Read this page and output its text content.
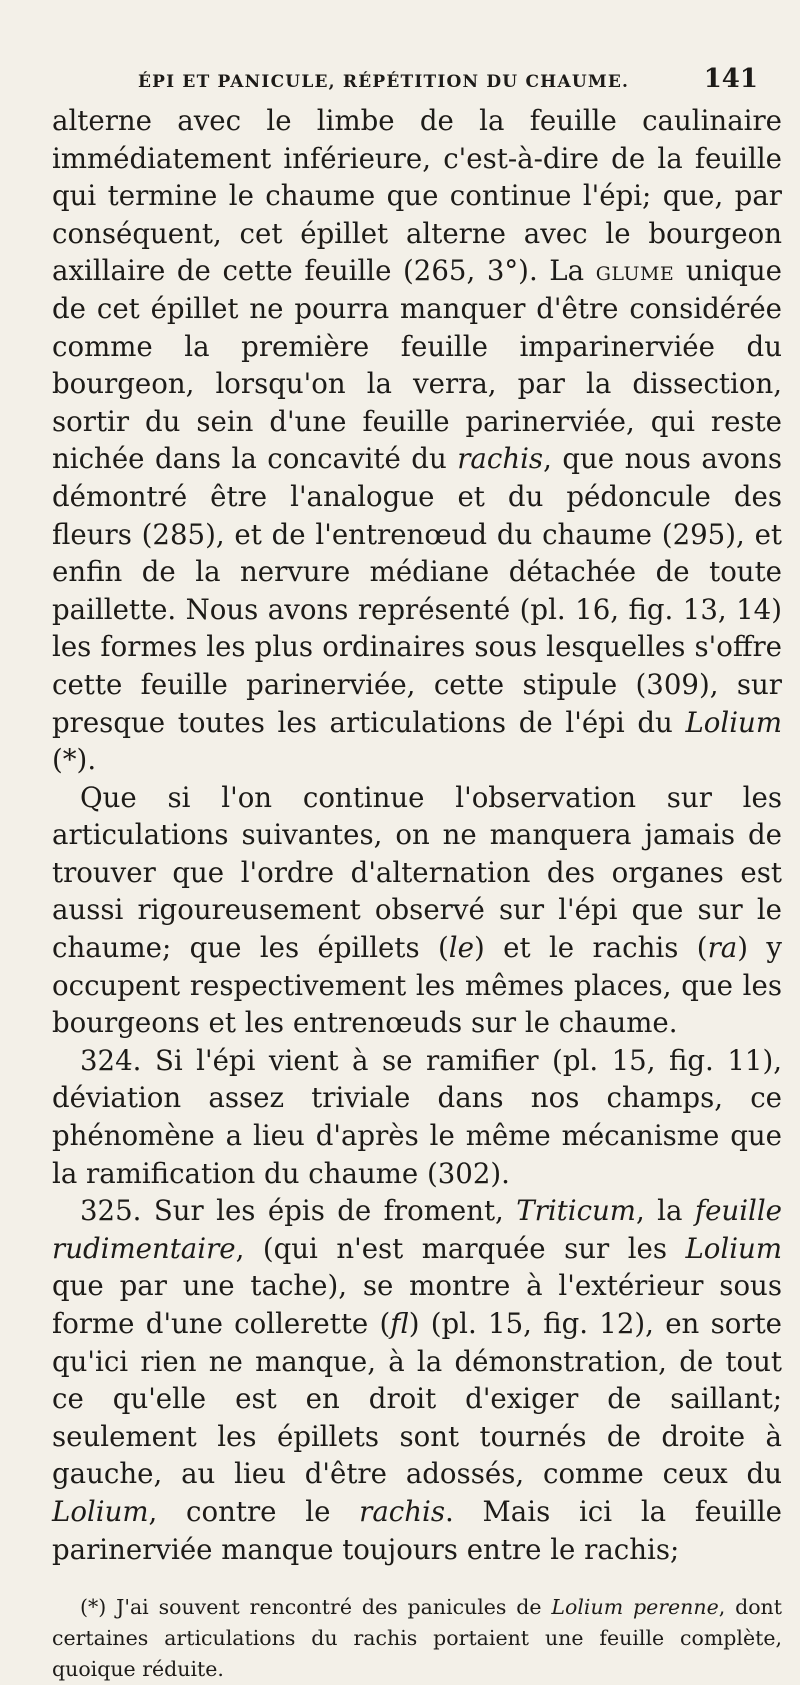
ÉPI ET PANICULE, RÉPÉTITION DU CHAUME.	141

alterne avec le limbe de la feuille caulinaire immédiatement inférieure, c'est-à-dire de la feuille qui termine le chaume que continue l'épi; que, par conséquent, cet épillet alterne avec le bourgeon axillaire de cette feuille (265, 3°). La glume unique de cet épillet ne pourra manquer d'être considérée comme la première feuille imparinerviée du bourgeon, lorsqu'on la verra, par la dissection, sortir du sein d'une feuille parinerviée, qui reste nichée dans la concavité du rachis, que nous avons démontré être l'analogue et du pédoncule des fleurs (285), et de l'entrenœud du chaume (295), et enfin de la nervure médiane détachée de toute paillette. Nous avons représenté (pl. 16, fig. 13, 14) les formes les plus ordinaires sous lesquelles s'offre cette feuille parinerviée, cette stipule (309), sur presque toutes les articulations de l'épi du Lolium (*).

Que si l'on continue l'observation sur les articulations suivantes, on ne manquera jamais de trouver que l'ordre d'alternation des organes est aussi rigoureusement observé sur l'épi que sur le chaume; que les épillets (le) et le rachis (ra) y occupent respectivement les mêmes places, que les bourgeons et les entrenœuds sur le chaume.

324. Si l'épi vient à se ramifier (pl. 15, fig. 11), déviation assez triviale dans nos champs, ce phénomène a lieu d'après le même mécanisme que la ramification du chaume (302).

325. Sur les épis de froment, Triticum, la feuille rudimentaire, (qui n'est marquée sur les Lolium que par une tache), se montre à l'extérieur sous forme d'une collerette (fl) (pl. 15, fig. 12), en sorte qu'ici rien ne manque, à la démonstration, de tout ce qu'elle est en droit d'exiger de saillant; seulement les épillets sont tournés de droite à gauche, au lieu d'être adossés, comme ceux du Lolium, contre le rachis. Mais ici la feuille parinerviée manque toujours entre le rachis;

(*) J'ai souvent rencontré des panicules de Lolium perenne, dont certaines articulations du rachis portaient une feuille complète, quoique réduite.
